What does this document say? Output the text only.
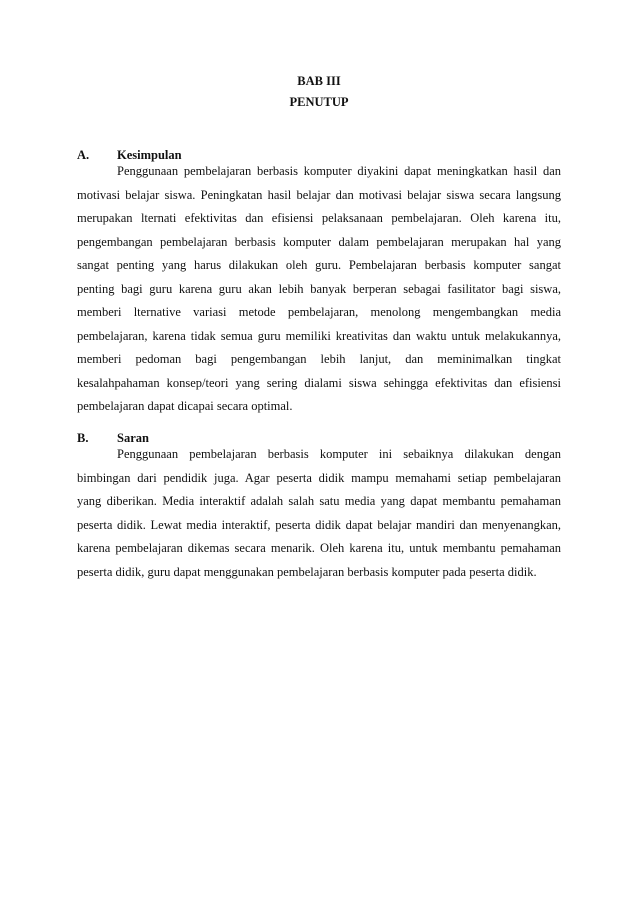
BAB III
PENUTUP
A. Kesimpulan
Penggunaan pembelajaran berbasis komputer diyakini dapat meningkatkan hasil dan
motivasi belajar siswa. Peningkatan hasil belajar dan motivasi belajar siswa secara langsung
merupakan lternati efektivitas dan efisiensi pelaksanaan pembelajaran. Oleh karena itu,
pengembangan pembelajaran berbasis komputer dalam pembelajaran merupakan hal yang
sangat penting yang harus dilakukan oleh guru. Pembelajaran berbasis komputer sangat
penting bagi guru karena guru akan lebih banyak berperan sebagai fasilitator bagi siswa,
memberi lternative variasi metode pembelajaran, menolong mengembangkan media
pembelajaran, karena tidak semua guru memiliki kreativitas dan waktu untuk melakukannya,
memberi pedoman bagi pengembangan lebih lanjut, dan meminimalkan tingkat
kesalahpahaman konsep/teori yang sering dialami siswa sehingga efektivitas dan efisiensi
pembelajaran dapat dicapai secara optimal.
B. Saran
Penggunaan pembelajaran berbasis komputer ini sebaiknya dilakukan dengan
bimbingan dari pendidik juga. Agar peserta didik mampu memahami setiap pembelajaran
yang diberikan. Media interaktif adalah salah satu media yang dapat membantu pemahaman
peserta didik. Lewat media interaktif, peserta didik dapat belajar mandiri dan menyenangkan,
karena pembelajaran dikemas secara menarik. Oleh karena itu, untuk membantu pemahaman
peserta didik, guru dapat menggunakan pembelajaran berbasis komputer pada peserta didik.
